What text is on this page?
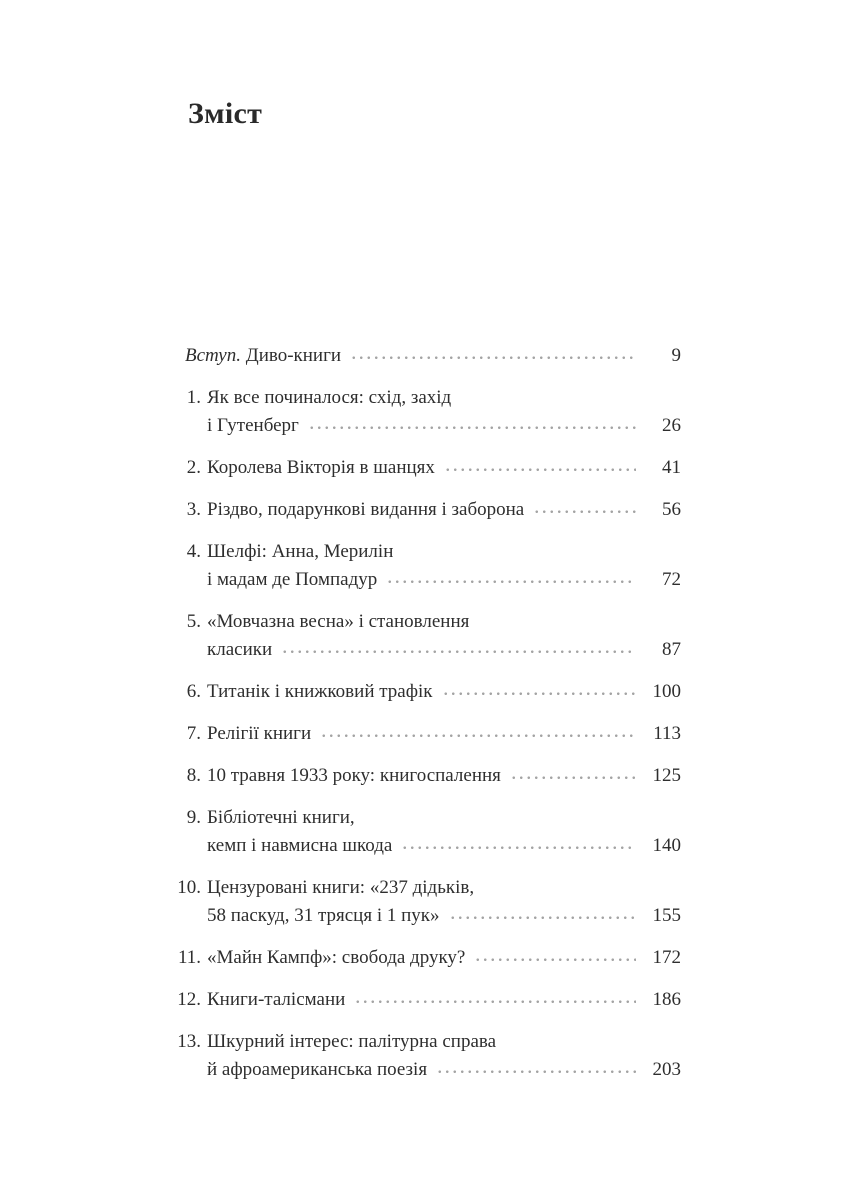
Зміст
Вступ. Диво-книги	9
1. Як все починалося: схід, захід
і Гутенберг	26
2. Королева Вікторія в шанцях	41
3. Різдво, подарункові видання і заборона	56
4. Шелфі: Анна, Мерилін
і мадам де Помпадур	72
5. «Мовчазна весна» і становлення
класики	87
6. Титанік і книжковий трафік	100
7. Релігії книги	113
8. 10 травня 1933 року: книгоспалення	125
9. Бібліотечні книги,
кемп і навмисна шкода	140
10. Цензуровані книги: «237 дідьків,
58 паскуд, 31 трясця і 1 пук»	155
11. «Майн Кампф»: свобода друку?	172
12. Книги-талісмани	186
13. Шкурний інтерес: палітурна справа
й афроамериканська поезія	203
